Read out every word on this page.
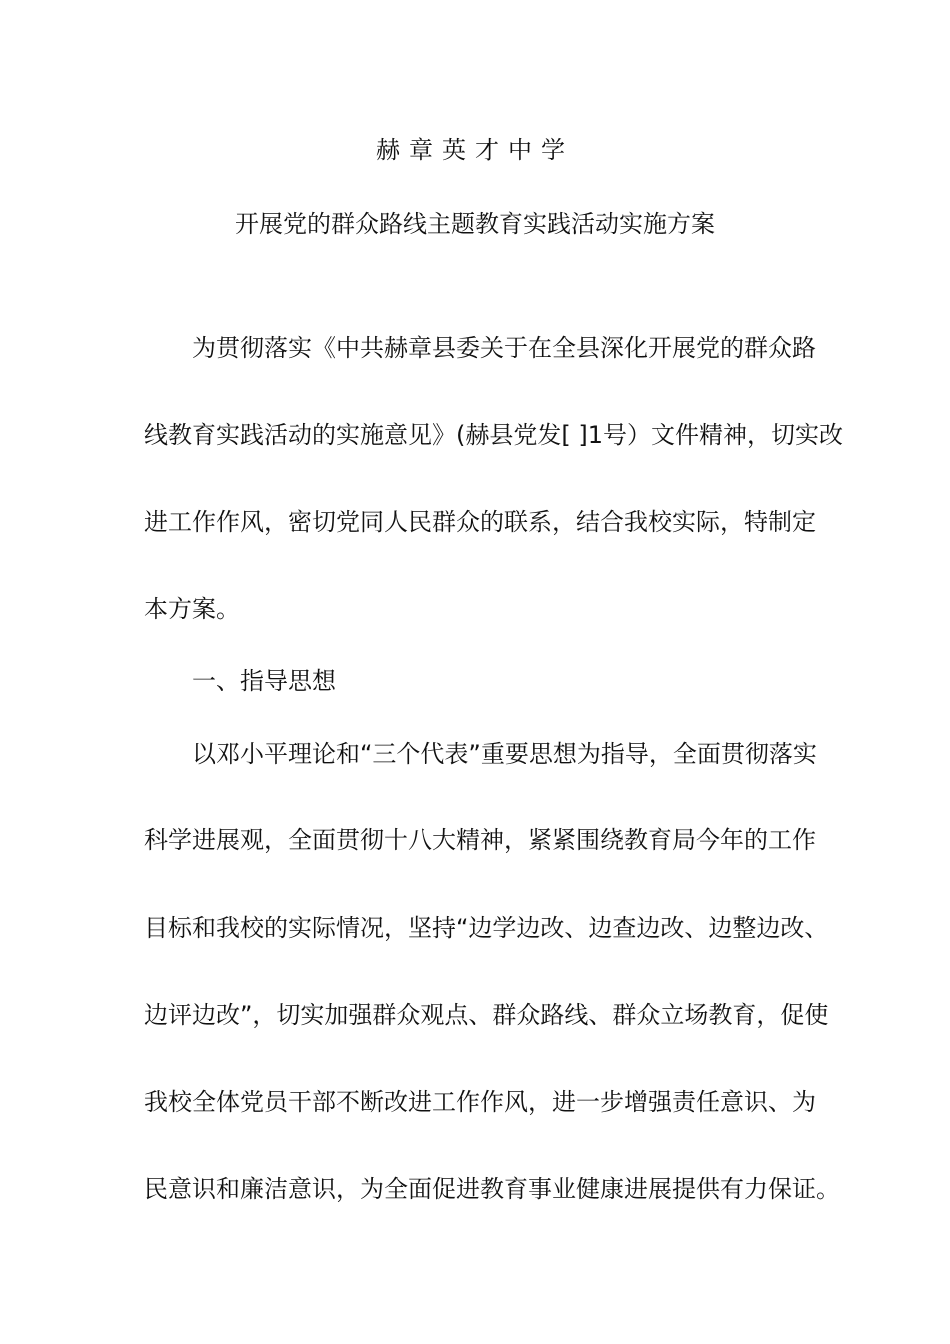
赫章英才中学
开展党的群众路线主题教育实践活动实施方案
为贯彻落实《中共赫章县委关于在全县深化开展党的群众路
线教育实践活动的实施意见》(赫县党发[ ]1号）文件精神，切实改
进工作作风，密切党同人民群众的联系，结合我校实际，特制定
本方案。
一、指导思想
以邓小平理论和“三个代表”重要思想为指导，全面贯彻落实
科学进展观，全面贯彻十八大精神，紧紧围绕教育局今年的工作
目标和我校的实际情况，坚持“边学边改、边查边改、边整边改、
边评边改”，切实加强群众观点、群众路线、群众立场教育，促使
我校全体党员干部不断改进工作作风，进一步增强责任意识、为
民意识和廉洁意识，为全面促进教育事业健康进展提供有力保证。
